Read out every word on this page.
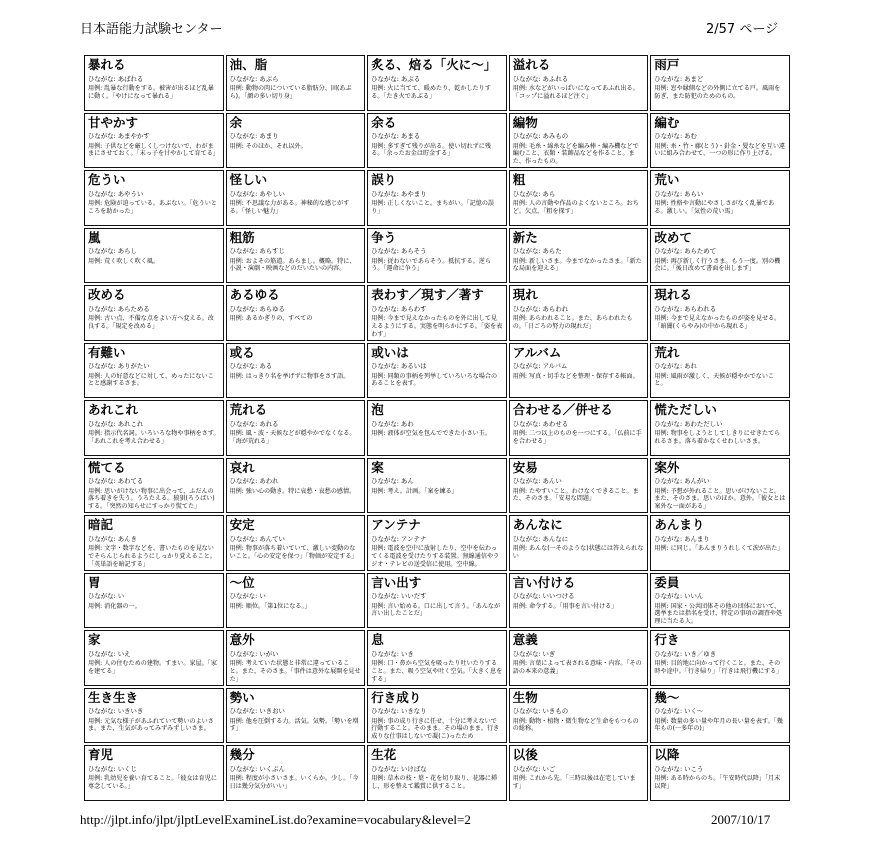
日本語能力試験センター	2/57 ページ
暴れる
ひながな: あばれる
用例: 乱暴な行動をする。被害が出るほど乱暴に動く。「やけになって暴れる」
油、脂
ひながな: あぶら
用例: 動物の肉についている脂肪分、固(あぶら)。「顔の多い切り身」
炙る、焙る「火に〜」
ひながな: あぶる
用例: 火に当てて、暖めたり、乾かしたりする。「たき火であぶる」
溢れる
ひながな: あふれる
用例: 水などがいっぱいになってあふれ出る。「コップに溢れるほど注ぐ」
雨戸
ひながな: あまど
用例: 窓や縁側などの外側に立てる戸。風雨を防ぎ、また防犯のためのもの。
甘やかす
ひながな: あまやかす
用例: 子供などを厳しくしつけないで、わがままにさせておく。「末っ子を甘やかして育てる」
余
ひながな: あまり
用例: そのほか、それ以外。
余る
ひながな: あまる
用例: 多すぎて残りが出る。使い切れずに残る。「余ったお金は貯金する」
編物
ひながな: あみもの
用例: 毛糸・綿糸などを編み棒・編み機などで編むこと、衣類・装飾品などを作ること。また、作ったもの。
編む
ひながな: あむ
用例: 糸・竹・藤(とう)・針金・髪などを互い違いに組み合わせて、一つの形に作り上げる。
危うい
ひながな: あやうい
用例: 危険が迫っている。あぶない。「危ういところを助かった」
怪しい
ひながな: あやしい
用例: 不思議な力がある。神秘的な感じがする。「怪しい魅力」
誤り
ひながな: あやまり
用例: 正しくないこと。まちがい。「記憶の誤り」
粗
ひながな: あら
用例: 人の言動や作品のよくないところ。おちど。欠点。「粗を探す」
荒い
ひながな: あらい
用例: 性格や言動にやさしさがなく乱暴である。激しい。「気性の荒い馬」
嵐
ひながな: あらし
用例: 荒く吹しく吹く風。
粗筋
ひながな: あらすじ
用例: およその筋道。あらまし。概略。特に、小説・演劇・映画などのだいたいの内容。
争う
ひながな: あらそう
用例: 従わないであらそう。抵抗する。逆らう。「運命に争う」
新た
ひながな: あらた
用例: 新しいさま。今までなかったさま。「新たな局面を迎える」
改めて
ひながな: あらためて
用例: 再び新しく行うさま。もう一度。別の機会に。「後日改めて書面を出します」
改める
ひながな: あらためる
用例: 古い点、不備な点をよい方へ変える。改良する。「規定を改める」
あるゆる
ひながな: あらゆる
用例: あるかぎりの、すべての
表わす／現す／著す
ひながな: あらわす
用例: 今まで見えなかったものを外に出して見えるようにする。実態を明らかにする。「姿を表わす」
現れ
ひながな: あらわれ
用例: あらわれること。また、あらわれたもの。「日ごろの努力の現れだ」
現れる
ひながな: あらわれる
用例: 今まで見えなかったものが姿を見せる。「暗闇(くらやみ)の中から現れる」
有難い
ひながな: ありがたい
用例: 人の好意などに対して、めったにないことと感謝するさま。
或る
ひながな: ある
用例: はっきり名を挙げずに物事をさす語。
或いは
ひながな: あるいは
用例: 同類の事柄を列挙していろいろな場合のあることを表す。
アルバム
ひながな: アルバム
用例: 写真・切手などを整理・保存する帳面。
荒れ
ひながな: あれ
用例: 風雨が激しく、天候が穏やかでないこと。
あれこれ
ひながな: あれこれ
用例: 指示代名詞。いろいろな物や事柄をさす。「あれこれを考え合わせる」
荒れる
ひながな: あれる
用例: 風・波・天候などが穏やかでなくなる。「海が荒れる」
泡
ひながな: あわ
用例: 液体が空気を包んでできた小さい玉。
合わせる／併せる
ひながな: あわせる
用例: 二つ以上のものを一つにする。「仏前に手を合わせる」
慌ただしい
ひながな: あわただしい
用例: 物事をしようとしてしきりにせきたてられるさま。落ち着かなくせわしいさま。
慌てる
ひながな: あわてる
用例: 思いがけない物事に出会って、ふだんの落ち着きを失う。うろたえる。狼狽(ろうばい)する。「突然の知らせにすっかり慌てた」
哀れ
ひながな: あわれ
用例: 強い心の動き。特に哀愁・哀愁の感情。
案
ひながな: あん
用例: 考え。計画。「案を練る」
安易
ひながな: あんい
用例: たやすいこと。わけなくできること。また、そのさま。「安易な問題」
案外
ひながな: あんがい
用例: 予想が外れること。思いがけないこと。また、そのさま。思いのほか。意外。「彼女とは案外な一面がある」
暗記
ひながな: あんき
用例: 文字・数字などを、書いたものを見ないでそらんじられるようにしっかり覚えること。「英単語を暗記する」
安定
ひながな: あんてい
用例: 物事が落ち着いていて、激しい変動のないこと。「心の安定を保つ」「物価が安定する」
アンテナ
ひながな: アンテナ
用例: 電波を空中に放射したり、空中を伝わってくる電波を受けたりする装置。無線通信やラジオ・テレビの送受信に使用。空中線。
あんなに
ひながな: あんなに
用例: あんな(一そのような)状態には答えられない
あんまり
ひながな: あんまり
用例: に同じ。「あんまりうれしくて涙が出た」
胃
ひながな: い
用例: 消化器の一。
〜位
ひながな: い
用例: 順位。「第1位になる。」
言い出す
ひながな: いいだす
用例: 言い始める。口に出して言う。「あんなが言い出したことだ」
言い付ける
ひながな: いいつける
用例: 命令する。「用事を言い付ける」
委員
ひながな: いいん
用例: 国家・公共団体その他の団体において、選挙または指名を受け、特定の事項の調査や処理に当たる人。
家
ひながな: いえ
用例: 人の住むための建物。すまい。家屋。「家を建てる」
意外
ひながな: いがい
用例: 考えていた状態と非常に違っていること。また、そのさま。「事件は意外な展開を見せた」
息
ひながな: いき
用例: 口・鼻から空気を吸ったり吐いたりすること。また、吸う空気や吐く空気。「大きく息をする」
意義
ひながな: いぎ
用例: 言葉によって表される意味・内容。「その語の本来の意義」
行き
ひながな: いき／ゆき
用例: 目的地に向かって行くこと。また、その時や途中。「行き帰り」「行きは飛行機にする」
生き生き
ひながな: いきいき
用例: 元気な様子があふれていて勢いのよいさま。また、生気があってみずみずしいさま。
勢い
ひながな: いきおい
用例: 他を圧倒する力。活気。気勢。「勢いを増す」
行き成り
ひながな: いきなり
用例: 事の成り行きに任せ、十分に考えないで行動すること。そのまま。その場のまま。行き成りな仕事はしないで凝(こ)ったため
生物
ひながな: いきもの
用例: 動物・植物・微生物など生命をもつものの総称。
幾〜
ひながな: いく〜
用例: 数量の多い量や年月の長い量を表す。「幾年もの(一多年の)」
育児
ひながな: いくじ
用例: 乳幼児を養い育てること。「彼女は育児に専念している。」
幾分
ひながな: いくぶん
用例: 程度が小さいさま。いくらか。少し。「今日は幾分気分がいい」
生花
ひながな: いけばな
用例: 草木の枝・葉・花を切り取り、花器に挿し、形を整えて鑑賞に供すること。
以後
ひながな: いご
用例: これから先。「三時以後は在宅しています」
以降
ひながな: いこう
用例: ある時からのち。「午安時代以降」「月末以降」
http://jlpt.info/jlpt/jlptLevelExamineList.do?examine=vocabulary&level=2	2007/10/17
